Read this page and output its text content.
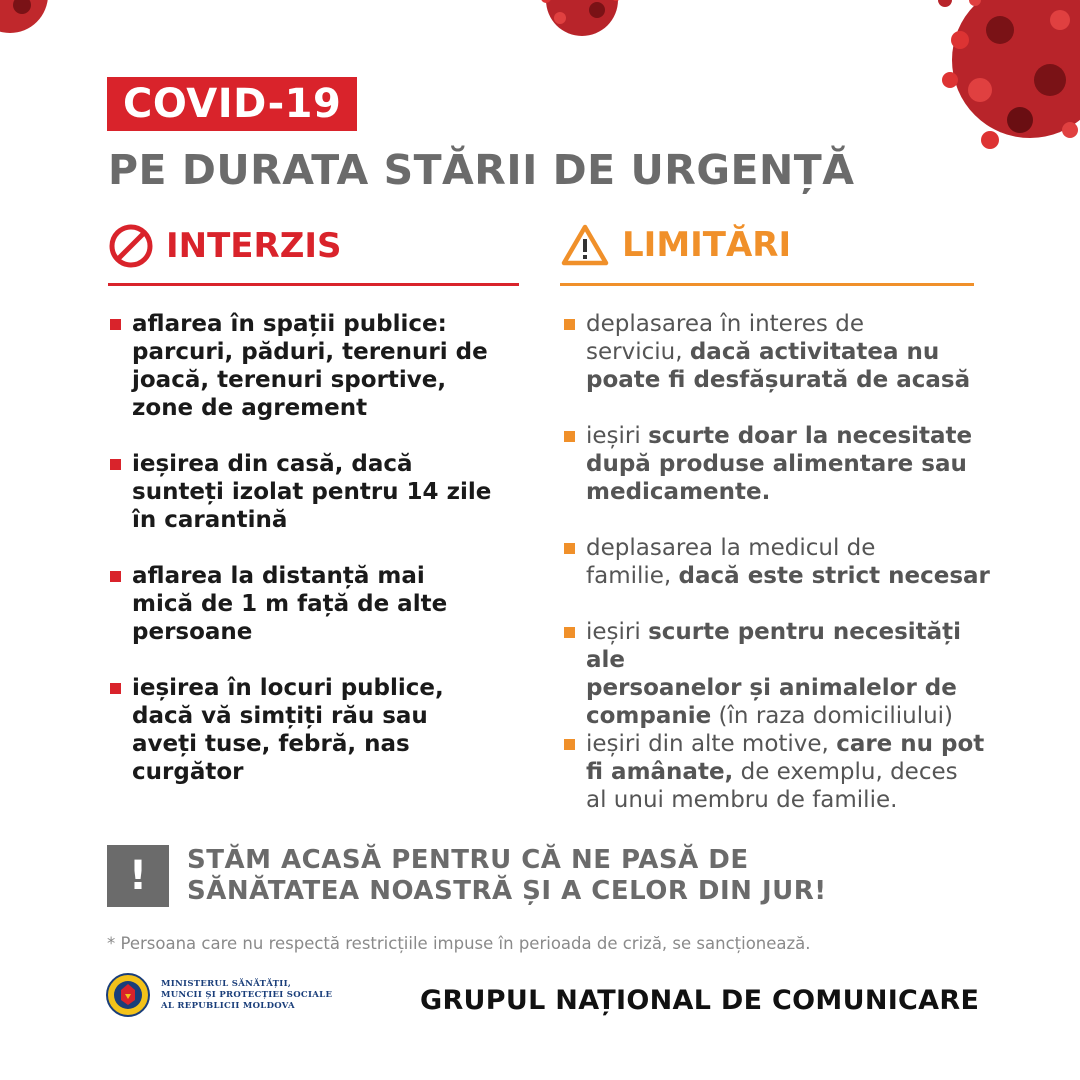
COVID-19
PE DURATA STĂRII DE URGENȚĂ
INTERZIS	LIMITĂRI
aflarea în spații publice:
parcuri, păduri, terenuri de
joacă, terenuri sportive,
zone de agrement
ieșirea din casă, dacă
sunteți izolat pentru 14 zile
în carantină
aflarea la distanță mai
mică de 1 m față de alte
persoane
ieșirea în locuri publice,
dacă vă simțiți rău sau
aveți tuse, febră, nas
curgător
deplasarea în interes de
serviciu, dacă activitatea nu
poate fi desfășurată de acasă
ieșiri scurte doar la necesitate
după produse alimentare sau
medicamente.
deplasarea la medicul de
familie, dacă este strict necesar
ieșiri scurte pentru necesități ale
persoanelor și animalelor de
companie (în raza domiciliului)
ieșiri din alte motive, care nu pot
fi amânate, de exemplu, deces
al unui membru de familie.
!	STĂM ACASĂ PENTRU CĂ NE PASĂ DE
SĂNĂTATEA NOASTRĂ ȘI A CELOR DIN JUR!
* Persoana care nu respectă restricțiile impuse în perioada de criză, se sancționează.
MINISTERUL SĂNĂTĂȚII,
MUNCII ȘI PROTECȚIEI SOCIALE
AL REPUBLICII MOLDOVA	GRUPUL NAȚIONAL DE COMUNICARE
